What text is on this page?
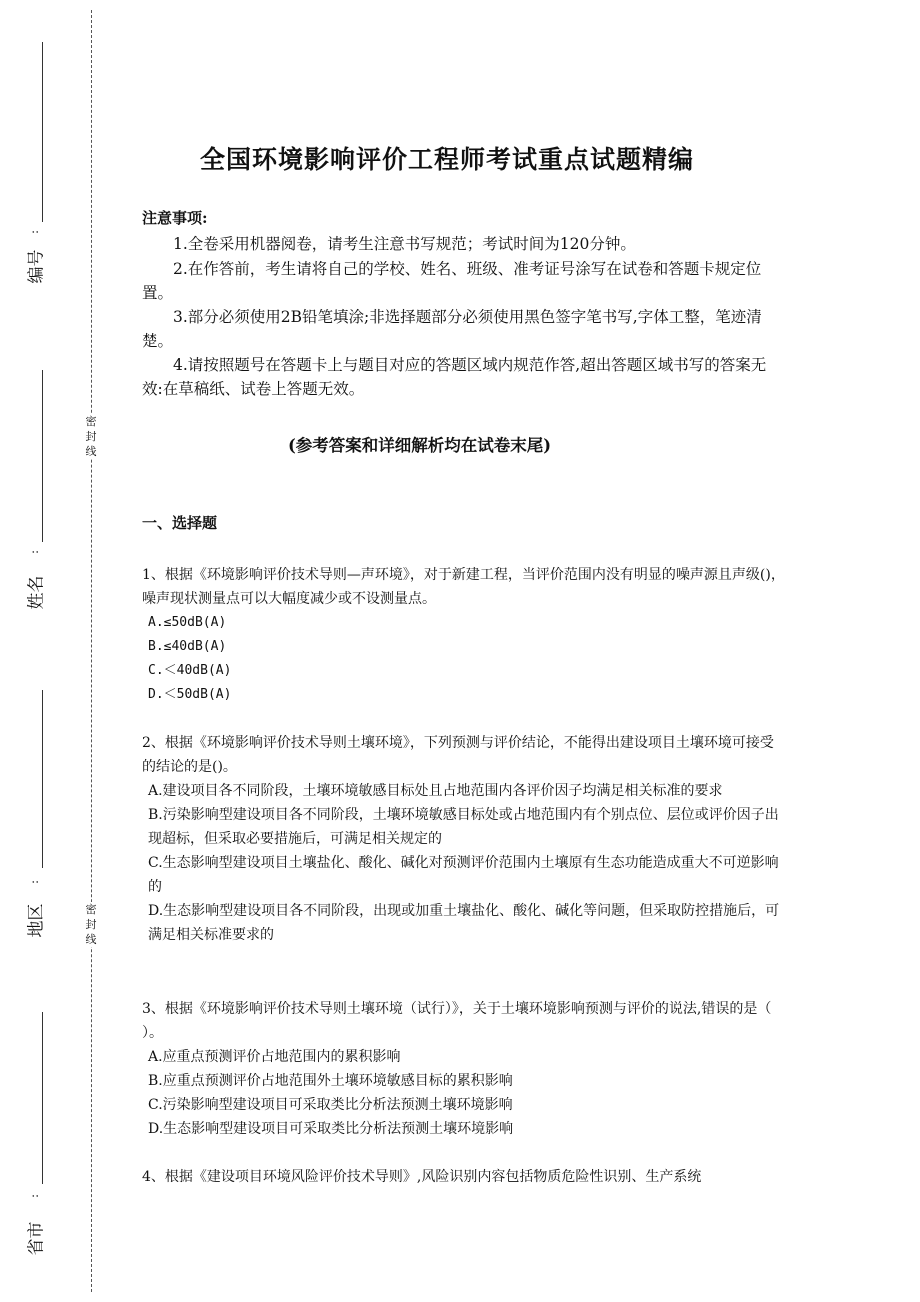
:
编号
:
姓名
:
地区
:
省市
密
封
线
密
封
线
全国环境影响评价工程师考试重点试题精编
注意事项:
1.全卷采用机器阅卷，请考生注意书写规范；考试时间为120分钟。
2.在作答前，考生请将自己的学校、姓名、班级、准考证号涂写在试卷和答题卡规定位置。
3.部分必须使用2B铅笔填涂;非选择题部分必须使用黑色签字笔书写,字体工整，笔迹清楚。
4.请按照题号在答题卡上与题目对应的答题区域内规范作答,超出答题区域书写的答案无效:在草稿纸、试卷上答题无效。
(参考答案和详细解析均在试卷末尾)
一、选择题

1、根据《环境影响评价技术导则—声环境》，对于新建工程，当评价范围内没有明显的噪声源且声级()，噪声现状测量点可以大幅度减少或不设测量点。

A.≤50dB(A)

B.≤40dB(A)

C.＜40dB(A)

D.＜50dB(A)

2、根据《环境影响评价技术导则土壤环境》，下列预测与评价结论，不能得出建设项目土壤环境可接受的结论的是()。

A.建设项目各不同阶段，土壤环境敏感目标处且占地范围内各评价因子均满足相关标准的要求

B.污染影响型建设项目各不同阶段，土壤环境敏感目标处或占地范围内有个别点位、层位或评价因子出现超标，但采取必要措施后，可满足相关规定的

C.生态影响型建设项目土壤盐化、酸化、碱化对预测评价范围内土壤原有生态功能造成重大不可逆影响的

D.生态影响型建设项目各不同阶段，出现或加重土壤盐化、酸化、碱化等问题，但采取防控措施后，可满足相关标准要求的

3、根据《环境影响评价技术导则土壤环境（试行）》，关于土壤环境影响预测与评价的说法,错误的是（ ）。

A.应重点预测评价占地范围内的累积影响

B.应重点预测评价占地范围外土壤环境敏感目标的累积影响

C.污染影响型建设项目可采取类比分析法预测土壤环境影响

D.生态影响型建设项目可采取类比分析法预测土壤环境影响

4、根据《建设项目环境风险评价技术导则》,风险识别内容包括物质危险性识别、生产系统
